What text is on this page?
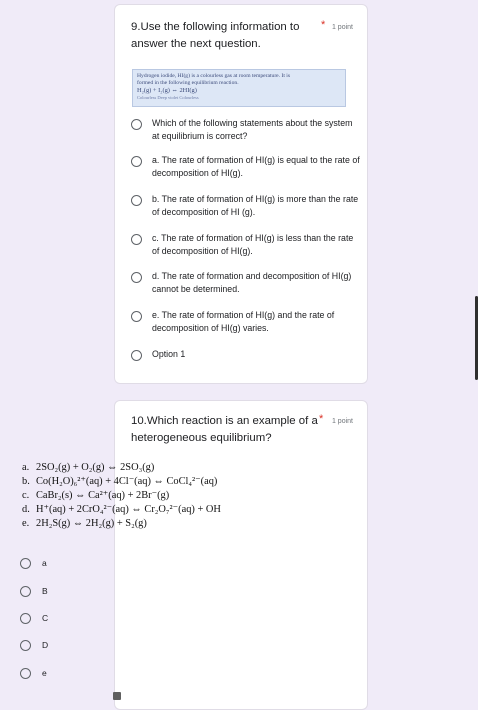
9.Use the following information to answer the next question.
* 1 point
Hydrogen iodide, HI(g) is a colourless gas at room temperature. It is
formed in the following equilibrium reaction.
H₂(g) + I₂(g) ⇔ 2HI(g)
Colourless Deep violet Colourless
Which of the following statements about the system at equilibrium is correct?
a. The rate of formation of HI(g) is equal to the rate of decomposition of HI(g).
b. The rate of formation of HI(g) is more than the rate of decomposition of HI (g).
c. The rate of formation of HI(g) is less than the rate of decomposition of HI(g).
d. The rate of formation and decomposition of HI(g) cannot be determined.
e. The rate of formation of HI(g) and the rate of decomposition of HI(g) varies.
Option 1
10.Which reaction is an example of a heterogeneous equilibrium?
* 1 point
a. 2SO₂(g) + O₂(g) ⇔ 2SO₃(g)
b. Co(H₂O)₆²⁺(aq) + 4Cl⁻(aq) ⇔ CoCl₄²⁻(aq)
c. CaBr₂(s) ⇔ Ca²⁺(aq) + 2Br⁻(g)
d. H⁺(aq) + 2CrO₄²⁻(aq) ⇔ Cr₂O₇²⁻(aq) + OH
e. 2H₂S(g) ⇔ 2H₂(g) + S₂(g)
a
B
C
D
e
